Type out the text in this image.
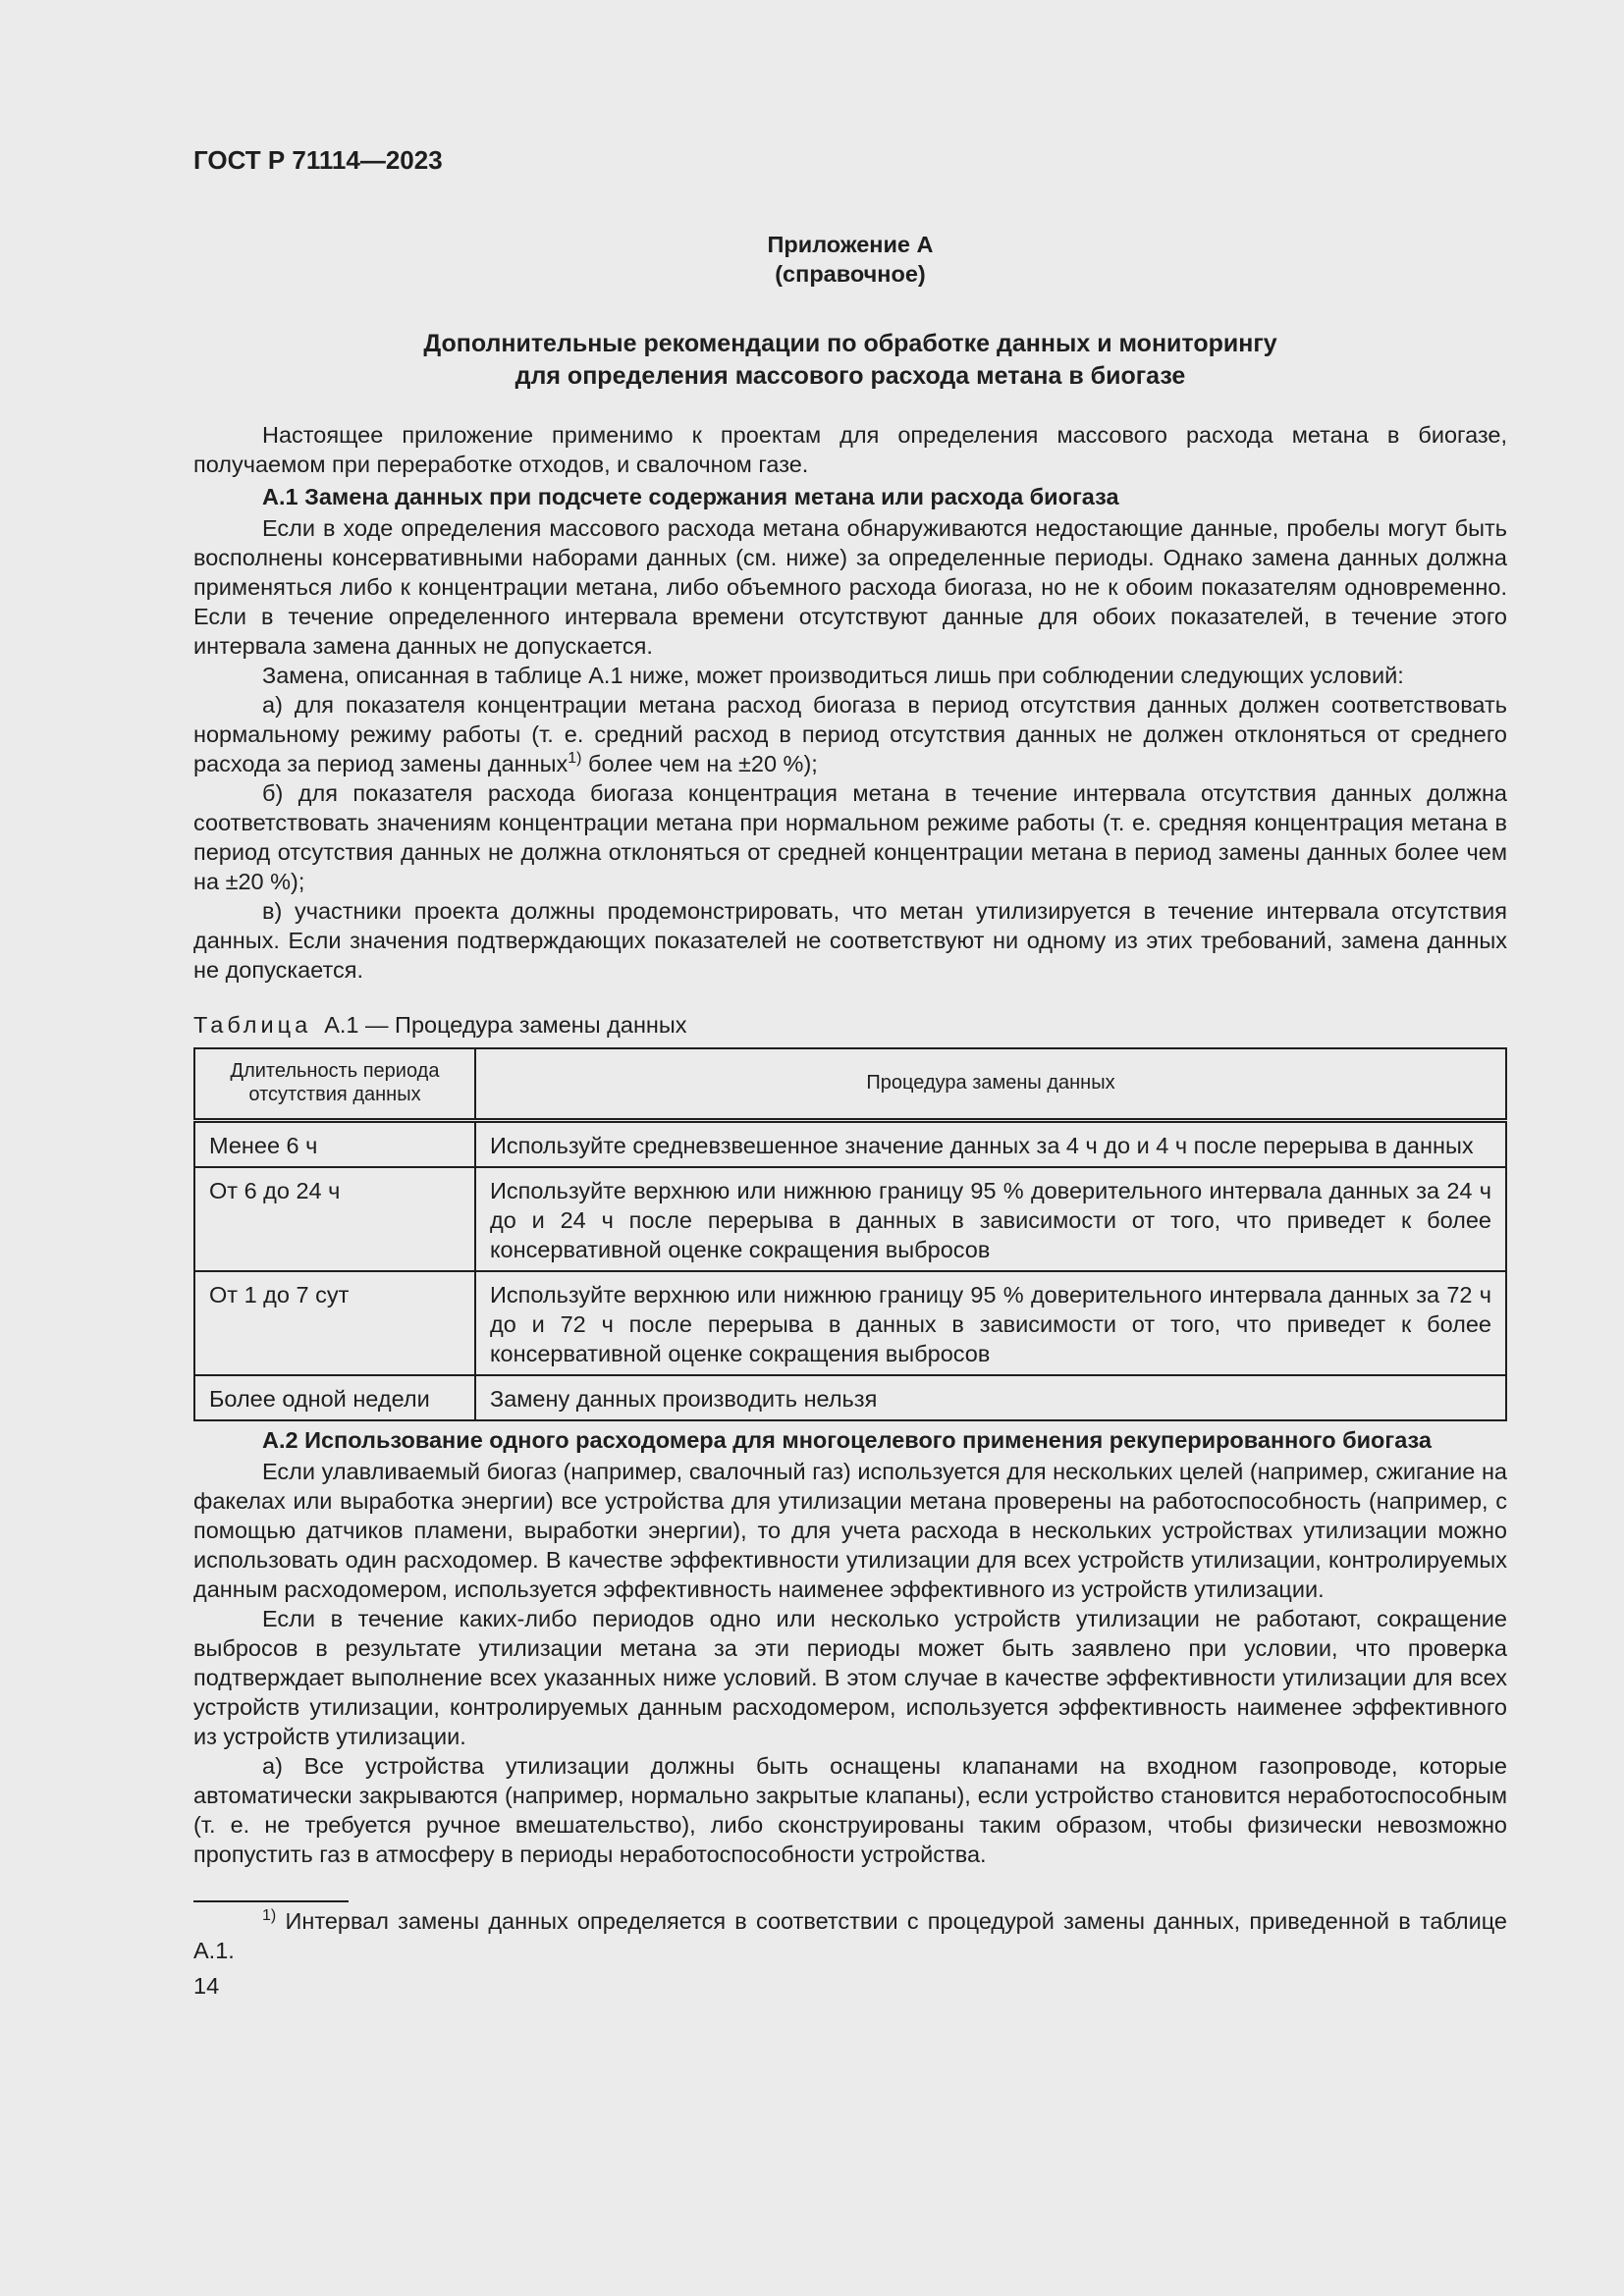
ГОСТ Р 71114—2023
Приложение А
(справочное)
Дополнительные рекомендации по обработке данных и мониторингу
для определения массового расхода метана в биогазе

Настоящее приложение применимо к проектам для определения массового расхода метана в биогазе, получаемом при переработке отходов, и свалочном газе.

А.1 Замена данных при подсчете содержания метана или расхода биогаза

Если в ходе определения массового расхода метана обнаруживаются недостающие данные, пробелы могут быть восполнены консервативными наборами данных (см. ниже) за определенные периоды. Однако замена данных должна применяться либо к концентрации метана, либо объемного расхода биогаза, но не к обоим показателям одновременно. Если в течение определенного интервала времени отсутствуют данные для обоих показателей, в течение этого интервала замена данных не допускается.

Замена, описанная в таблице А.1 ниже, может производиться лишь при соблюдении следующих условий:

а) для показателя концентрации метана расход биогаза в период отсутствия данных должен соответствовать нормальному режиму работы (т. е. средний расход в период отсутствия данных не должен отклоняться от среднего расхода за период замены данных$^{1)}$ более чем на ±20 %);

б) для показателя расхода биогаза концентрация метана в течение интервала отсутствия данных должна соответствовать значениям концентрации метана при нормальном режиме работы (т. е. средняя концентрация метана в период отсутствия данных не должна отклоняться от средней концентрации метана в период замены данных более чем на ±20 %);

в) участники проекта должны продемонстрировать, что метан утилизируется в течение интервала отсутствия данных. Если значения подтверждающих показателей не соответствуют ни одному из этих требований, замена данных не допускается.

Таблица А.1 — Процедура замены данных
Длительность периода отсутствия данных	Процедура замены данных
Менее 6 ч	Используйте средневзвешенное значение данных за 4 ч до и 4 ч после перерыва в данных
От 6 до 24 ч	Используйте верхнюю или нижнюю границу 95 % доверительного интервала данных за 24 ч до и 24 ч после перерыва в данных в зависимости от того, что приведет к более консервативной оценке сокращения выбросов
От 1 до 7 сут	Используйте верхнюю или нижнюю границу 95 % доверительного интервала данных за 72 ч до и 72 ч после перерыва в данных в зависимости от того, что приведет к более консервативной оценке сокращения выбросов
Более одной недели	Замену данных производить нельзя
А.2 Использование одного расходомера для многоцелевого применения рекуперированного биогаза

Если улавливаемый биогаз (например, свалочный газ) используется для нескольких целей (например, сжигание на факелах или выработка энергии) все устройства для утилизации метана проверены на работоспособность (например, с помощью датчиков пламени, выработки энергии), то для учета расхода в нескольких устройствах утилизации можно использовать один расходомер. В качестве эффективности утилизации для всех устройств утилизации, контролируемых данным расходомером, используется эффективность наименее эффективного из устройств утилизации.

Если в течение каких-либо периодов одно или несколько устройств утилизации не работают, сокращение выбросов в результате утилизации метана за эти периоды может быть заявлено при условии, что проверка подтверждает выполнение всех указанных ниже условий. В этом случае в качестве эффективности утилизации для всех устройств утилизации, контролируемых данным расходомером, используется эффективность наименее эффективного из устройств утилизации.

а) Все устройства утилизации должны быть оснащены клапанами на входном газопроводе, которые автоматически закрываются (например, нормально закрытые клапаны), если устройство становится неработоспособным (т. е. не требуется ручное вмешательство), либо сконструированы таким образом, чтобы физически невозможно пропустить газ в атмосферу в периоды неработоспособности устройства.

$^{1)}$ Интервал замены данных определяется в соответствии с процедурой замены данных, приведенной в таблице А.1.

14
